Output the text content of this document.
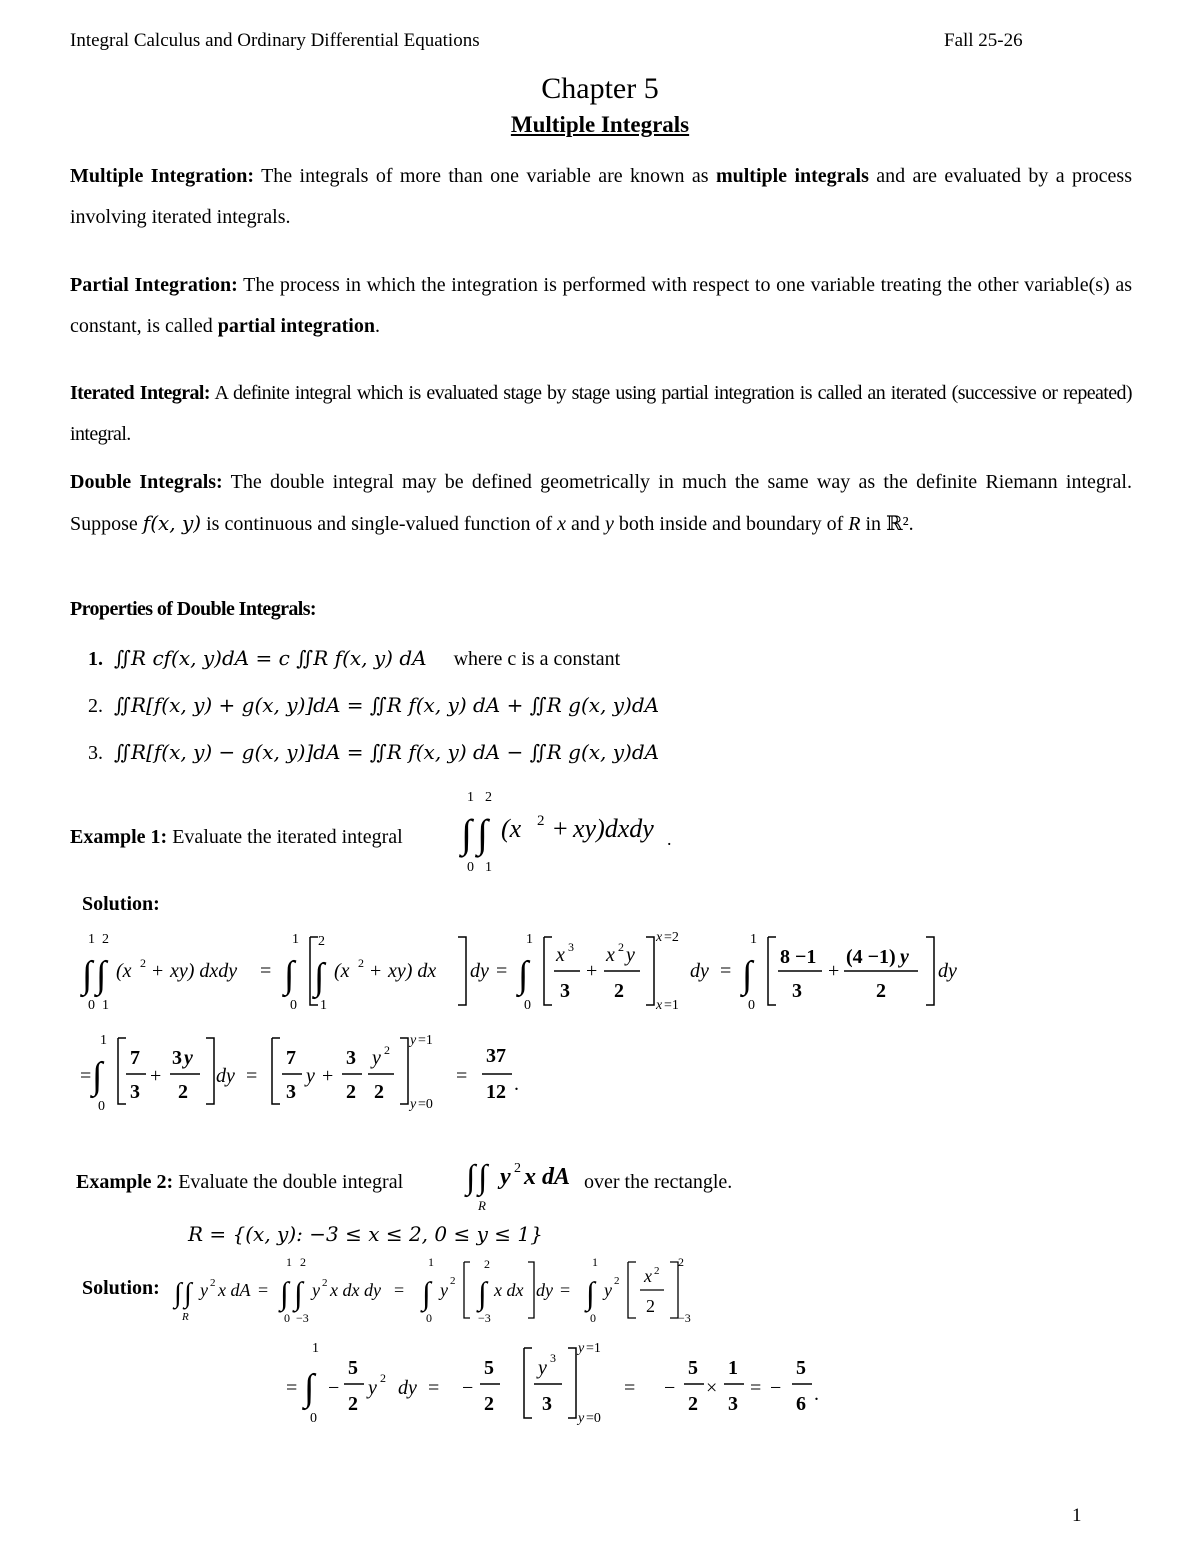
Integral Calculus and Ordinary Differential Equations	Fall 25-26
Chapter 5
Multiple Integrals
Multiple Integration: The integrals of more than one variable are known as multiple integrals and are evaluated by a process involving iterated integrals.
Partial Integration: The process in which the integration is performed with respect to one variable treating the other variable(s) as constant, is called partial integration.
Iterated Integral: A definite integral which is evaluated stage by stage using partial integration is called an iterated (successive or repeated) integral.
Double Integrals: The double integral may be defined geometrically in much the same way as the definite Riemann integral. Suppose f(x, y) is continuous and single-valued function of x and y both inside and boundary of R in ℝ².
Properties of Double Integrals:
1. ∬R cf(x, y)dA = c ∬R f(x, y) dA where c is a constant
2. ∬R[f(x, y) + g(x, y)]dA = ∬R f(x, y) dA + ∬R g(x, y)dA
3. ∬R[f(x, y) − g(x, y)]dA = ∬R f(x, y) dA − ∬R g(x, y)dA
Example 1: Evaluate the iterated integral
1 2
∫ ∫
0 1
(x 2 + xy)dxdy .
Solution:
1 2
∫ ∫
0 1
(x 2 + xy) dxdy =
1
∫
0
2
∫
1
(x 2 + xy) dx dy =
1
∫
0
x 3
3
+
x 2 y
2
x =2
x =1
dy =
1
∫
0
8 −1
3
+
(4 −1) y
2
dy
=
1
∫
0
7
3
+
3 y
2
dy =
7
3
y +
3
2
y 2
2
y =1
y =0
=
37
12 .
Example 2: Evaluate the double integral ∫ ∫
R
y 2 x dA over the rectangle.
R = {(x, y): −3 ≤ x ≤ 2, 0 ≤ y ≤ 1}
Solution: ∫ ∫
R
y 2 x dA =
1 2
∫ ∫
0 −3
y 2 x dx dy =
1
∫
0
y 2
2
∫
−3
x dx dy =
1
∫
0
y 2 x 2
2
2
−3
=
1
∫
0
−
5
2
y 2 dy = −
5
2
y 3
3
y =1
y =0
= −
5
2
×
1
3
= −
5
6 .
1
